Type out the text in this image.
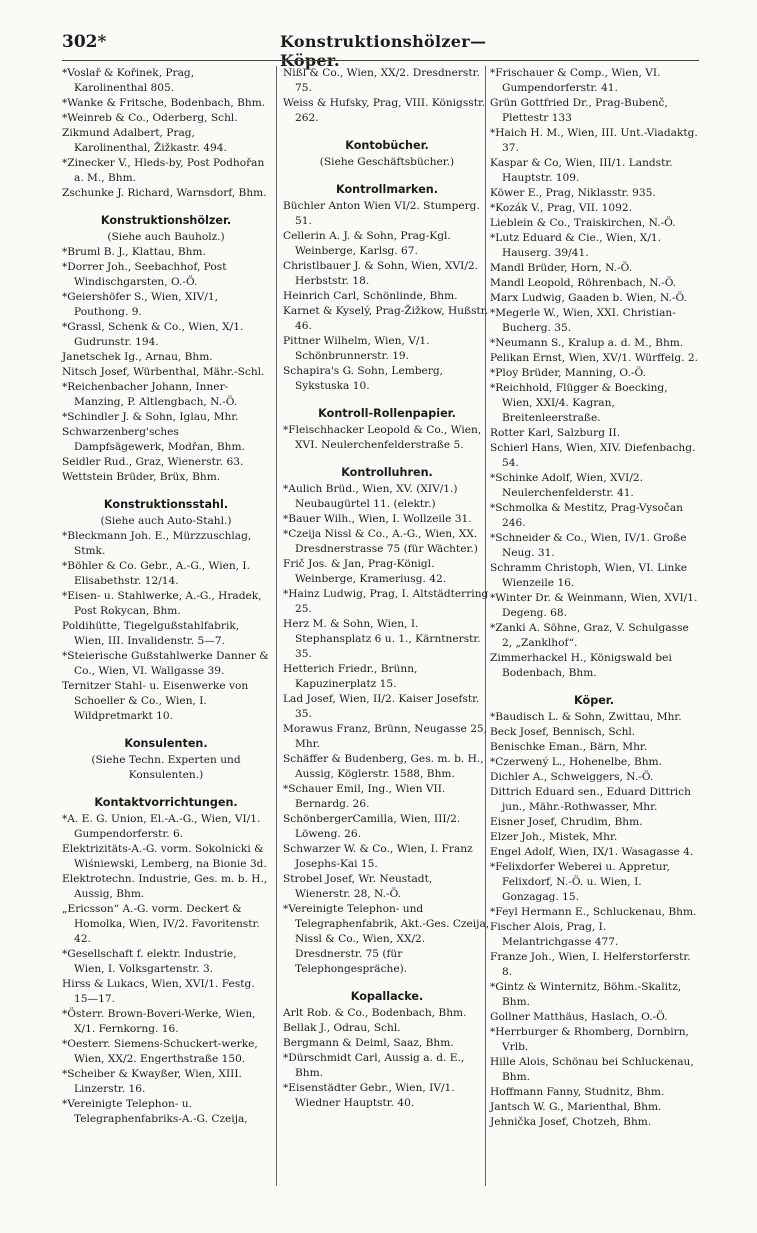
302*	Konstruktionshölzer—Köper.

*Voslař & Kořinek, Prag, Karolinenthal 805.

*Wanke & Fritsche, Bodenbach, Bhm.

*Weinreb & Co., Oderberg, Schl.

Zikmund Adalbert, Prag, Karolinenthal, Žižkastr. 494.

*Zinecker V., Hleds-by, Post Podhořan a. M., Bhm.

Zschunke J. Richard, Warnsdorf, Bhm.

Konstruktionshölzer.

(Siehe auch Bauholz.)

*Bruml B. J., Klattau, Bhm.

*Dorrer Joh., Seebachhof, Post Windischgarsten, O.-Ö.

*Geiershöfer S., Wien, XIV/1, Pouthong. 9.

*Grassl, Schenk & Co., Wien, X/1. Gudrunstr. 194.

Janetschek Ig., Arnau, Bhm.

Nitsch Josef, Würbenthal, Mähr.-Schl.

*Reichenbacher Johann, Inner-Manzing, P. Altlengbach, N.-Ö.

*Schindler J. & Sohn, Iglau, Mhr.

Schwarzenberg'sches Dampfsägewerk, Modřan, Bhm.

Seidler Rud., Graz, Wienerstr. 63.

Wettstein Brüder, Brüx, Bhm.

Konstruktionsstahl.

(Siehe auch Auto-Stahl.)

*Bleckmann Joh. E., Mürzzuschlag, Stmk.

*Böhler & Co. Gebr., A.-G., Wien, I. Elisabethstr. 12/14.

*Eisen- u. Stahlwerke, A.-G., Hradek, Post Rokycan, Bhm.

Poldihütte, Tiegelgußstahlfabrik, Wien, III. Invalidenstr. 5—7.

*Steierische Gußstahlwerke Danner & Co., Wien, VI. Wallgasse 39.

Ternitzer Stahl- u. Eisenwerke von Schoeller & Co., Wien, I. Wildpretmarkt 10.

Konsulenten.

(Siehe Techn. Experten und Konsulenten.)

Kontaktvorrichtungen.

*A. E. G. Union, El.-A.-G., Wien, VI/1. Gumpendorferstr. 6.

Elektrizitäts-A.-G. vorm. Sokolnicki & Wiśniewski, Lemberg, na Bionie 3d.

Elektrotechn. Industrie, Ges. m. b. H., Aussig, Bhm.

„Ericsson“ A.-G. vorm. Deckert & Homolka, Wien, IV/2. Favoritenstr. 42.

*Gesellschaft f. elektr. Industrie, Wien, I. Volksgartenstr. 3.

Hirss & Lukacs, Wien, XVI/1. Festg. 15—17.

*Österr. Brown-Boveri-Werke, Wien, X/1. Fernkorng. 16.

*Oesterr. Siemens-Schuckert-werke, Wien, XX/2. Engerthstraße 150.

*Scheiber & Kwayßer, Wien, XIII. Linzerstr. 16.

*Vereinigte Telephon- u. Telegraphenfabriks-A.-G. Czeija,

Nißl & Co., Wien, XX/2. Dresdnerstr. 75.

Weiss & Hufsky, Prag, VIII. Königsstr. 262.

Kontobücher.

(Siehe Geschäftsbücher.)

Kontrollmarken.

Büchler Anton Wien VI/2. Stumperg. 51.

Cellerin A. J. & Sohn, Prag-Kgl. Weinberge, Karlsg. 67.

Christlbauer J. & Sohn, Wien, XVI/2. Herbststr. 18.

Heinrich Carl, Schönlinde, Bhm.

Karnet & Kyselý, Prag-Žižkow, Hußstr. 46.

Pittner Wilhelm, Wien, V/1. Schönbrunnerstr. 19.

Schapira's G. Sohn, Lemberg, Sykstuska 10.

Kontroll-Rollenpapier.

*Fleischhacker Leopold & Co., Wien, XVI. Neulerchenfelderstraße 5.

Kontrolluhren.

*Aulich Brüd., Wien, XV. (XIV/1.) Neubaugürtel 11. (elektr.)

*Bauer Wilh., Wien, I. Wollzeile 31.

*Czeija Nissl & Co., A.-G., Wien, XX. Dresdnerstrasse 75 (für Wächter.)

Frič Jos. & Jan, Prag-Königl. Weinberge, Krameriusg. 42.

*Hainz Ludwig, Prag, I. Altstädterring 25.

Herz M. & Sohn, Wien, I. Stephansplatz 6 u. 1., Kärntnerstr. 35.

Hetterich Friedr., Brünn, Kapuzinerplatz 15.

Lad Josef, Wien, II/2. Kaiser Josefstr. 35.

Morawus Franz, Brünn, Neugasse 25, Mhr.

Schäffer & Budenberg, Ges. m. b. H., Aussig, Köglerstr. 1588, Bhm.

*Schauer Emil, Ing., Wien VII. Bernardg. 26.

SchönbergerCamilla, Wien, III/2. Löweng. 26.

Schwarzer W. & Co., Wien, I. Franz Josephs-Kai 15.

Strobel Josef, Wr. Neustadt, Wienerstr. 28, N.-Ö.

*Vereinigte Telephon- und Telegraphenfabrik, Akt.-Ges. Czeija, Nissl & Co., Wien, XX/2. Dresdnerstr. 75 (für Telephongespräche).

Kopallacke.

Arlt Rob. & Co., Bodenbach, Bhm.

Bellak J., Odrau, Schl.

Bergmann & Deiml, Saaz, Bhm.

*Dürschmidt Carl, Aussig a. d. E., Bhm.

*Eisenstädter Gebr., Wien, IV/1. Wiedner Hauptstr. 40.

*Frischauer & Comp., Wien, VI. Gumpendorferstr. 41.

Grün Gottfried Dr., Prag-Bubenč, Plettestr 133

*Haich H. M., Wien, III. Unt.-Viadaktg. 37.

Kaspar & Co, Wien, III/1. Landstr. Hauptstr. 109.

Köwer E., Prag, Niklasstr. 935.

*Kozák V., Prag, VII. 1092.

Lieblein & Co., Traiskirchen, N.-Ö.

*Lutz Eduard & Cie., Wien, X/1. Hauserg. 39/41.

Mandl Brüder, Horn, N.-Ö.

Mandl Leopold, Röhrenbach, N.-Ö.

Marx Ludwig, Gaaden b. Wien, N.-Ö.

*Megerle W., Wien, XXI. Christian-Bucherg. 35.

*Neumann S., Kralup a. d. M., Bhm.

Pelikan Ernst, Wien, XV/1. Würffelg. 2.

*Ploy Brüder, Manning, O.-Ö.

*Reichhold, Flügger & Boecking, Wien, XXI/4. Kagran, Breitenleerstraße.

Rotter Karl, Salzburg II.

Schierl Hans, Wien, XIV. Diefenbachg. 54.

*Schinke Adolf, Wien, XVI/2. Neulerchenfelderstr. 41.

*Schmolka & Mestitz, Prag-Vysočan 246.

*Schneider & Co., Wien, IV/1. Große Neug. 31.

Schramm Christoph, Wien, VI. Linke Wienzeile 16.

*Winter Dr. & Weinmann, Wien, XVI/1. Degeng. 68.

*Zanki A. Söhne, Graz, V. Schulgasse 2, „Zanklhof“.

Zimmerhackel H., Königswald bei Bodenbach, Bhm.

Köper.

*Baudisch L. & Sohn, Zwittau, Mhr.

Beck Josef, Bennisch, Schl.

Benischke Eman., Bärn, Mhr.

*Czerwený L., Hohenelbe, Bhm.

Dichler A., Schweiggers, N.-Ö.

Dittrich Eduard sen., Eduard Dittrich jun., Mähr.-Rothwasser, Mhr.

Eisner Josef, Chrudim, Bhm.

Elzer Joh., Mistek, Mhr.

Engel Adolf, Wien, IX/1. Wasagasse 4.

*Felixdorfer Weberei u. Appretur, Felixdorf, N.-Ö. u. Wien, I. Gonzagag. 15.

*Feyl Hermann E., Schluckenau, Bhm.

Fischer Alois, Prag, I. Melantrichgasse 477.

Franze Joh., Wien, I. Helferstorferstr. 8.

*Gintz & Winternitz, Böhm.-Skalitz, Bhm.

Gollner Matthäus, Haslach, O.-Ö.

*Herrburger & Rhomberg, Dornbirn, Vrlb.

Hille Alois, Schönau bei Schluckenau, Bhm.

Hoffmann Fanny, Studnitz, Bhm.

Jantsch W. G., Marienthal, Bhm.

Jehnička Josef, Chotzeh, Bhm.
